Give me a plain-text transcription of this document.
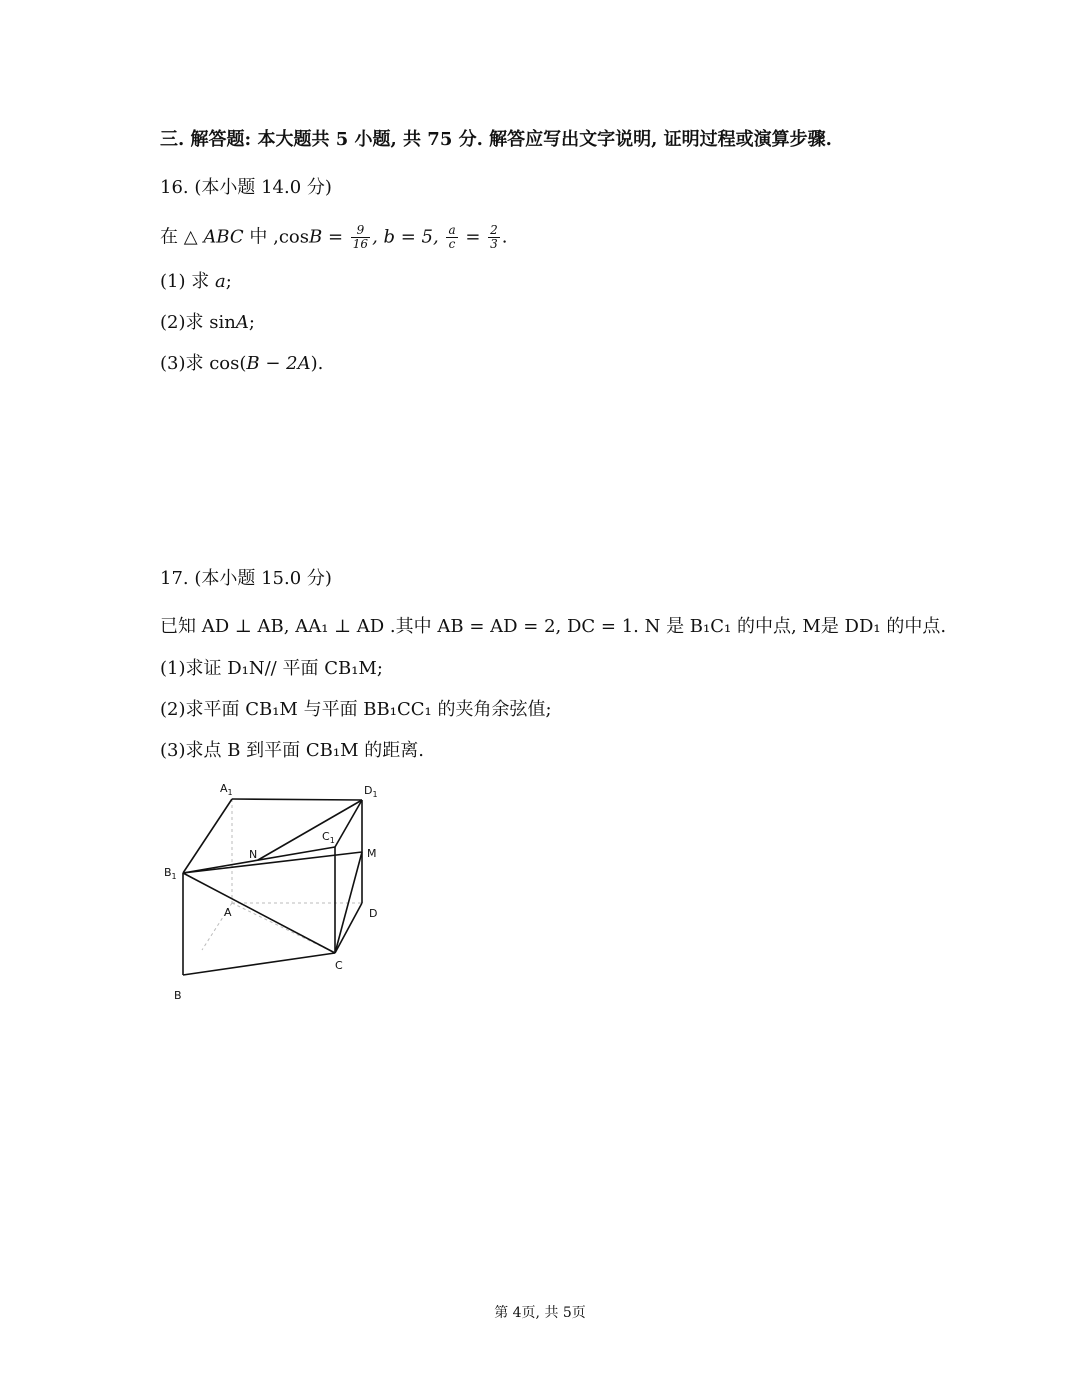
三. 解答题: 本大题共 5 小题, 共 75 分. 解答应写出文字说明, 证明过程或演算步骤.
16. (本小题 14.0 分)
在 △ ABC 中 $,\cos B = \frac{9}{16}$ , b = 5, $\frac{a}{c} = \frac{2}{3}$ .
(1) 求 a;
(2)求 sinA;
(3)求 cos(B − 2A).
17. (本小题 15.0 分)
已知 AD ⊥ AB, AA₁ ⊥ AD .其中 AB = AD = 2, DC = 1. N 是 B₁C₁ 的中点, M是 DD₁ 的中点.
(1)求证 D₁N// 平面 CB₁M;
(2)求平面 CB₁M 与平面 BB₁CC₁ 的夹角余弦值;
(3)求点 B 到平面 CB₁M 的距离.
$A_1$	$D_1$
$C_1$
N	M
$B_1$
A	D
C
B
第 4页, 共 5页
